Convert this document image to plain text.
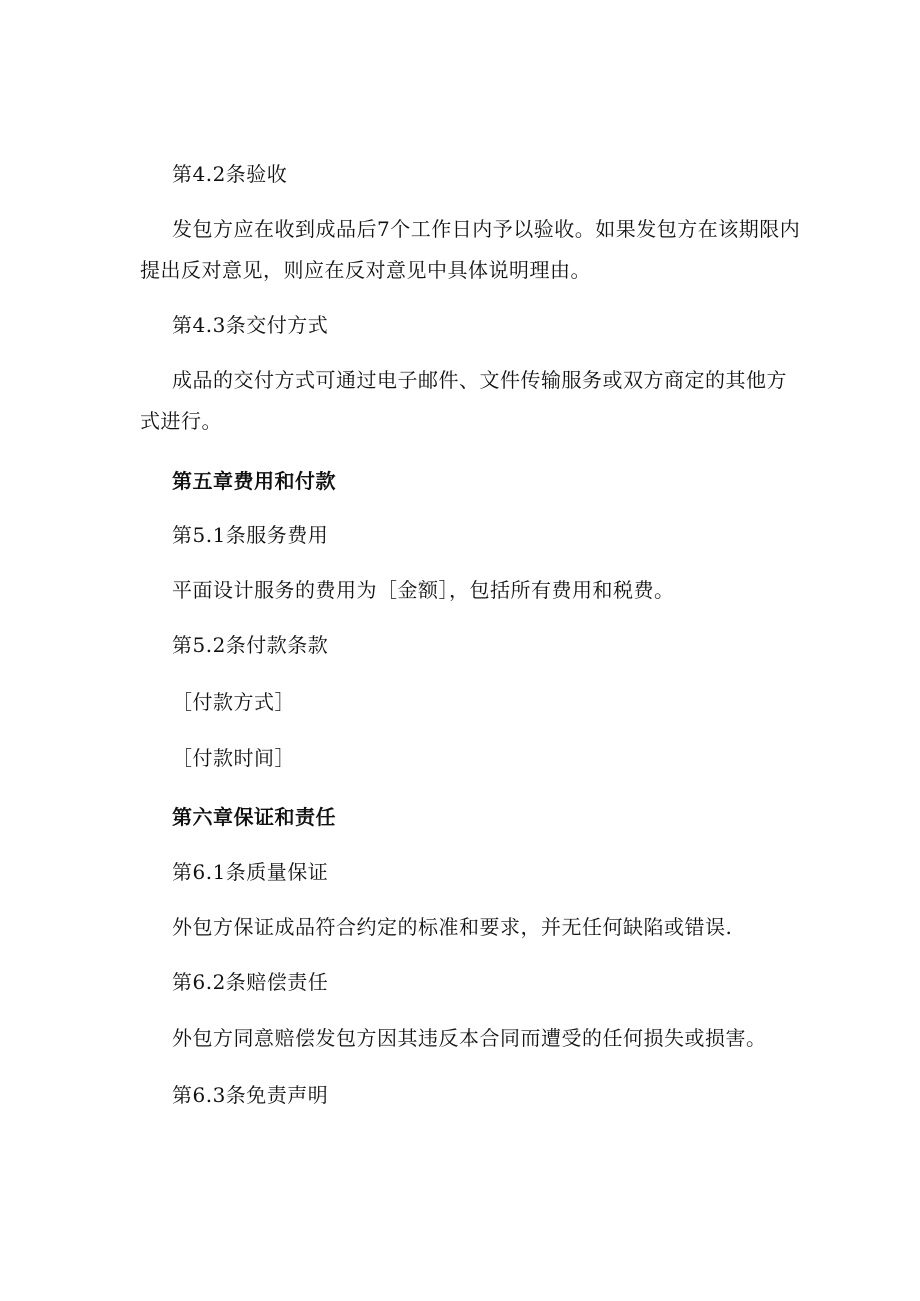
第4.2条验收
发包方应在收到成品后7个工作日内予以验收。如果发包方在该期限内
提出反对意见，则应在反对意见中具体说明理由。
第4.3条交付方式
成品的交付方式可通过电子邮件、文件传输服务或双方商定的其他方
式进行。
第五章费用和付款
第5.1条服务费用
平面设计服务的费用为［金额］，包括所有费用和税费。
第5.2条付款条款
［付款方式］
［付款时间］
第六章保证和责任
第6.1条质量保证
外包方保证成品符合约定的标准和要求，并无任何缺陷或错误.
第6.2条赔偿责任
外包方同意赔偿发包方因其违反本合同而遭受的任何损失或损害。
第6.3条免责声明
